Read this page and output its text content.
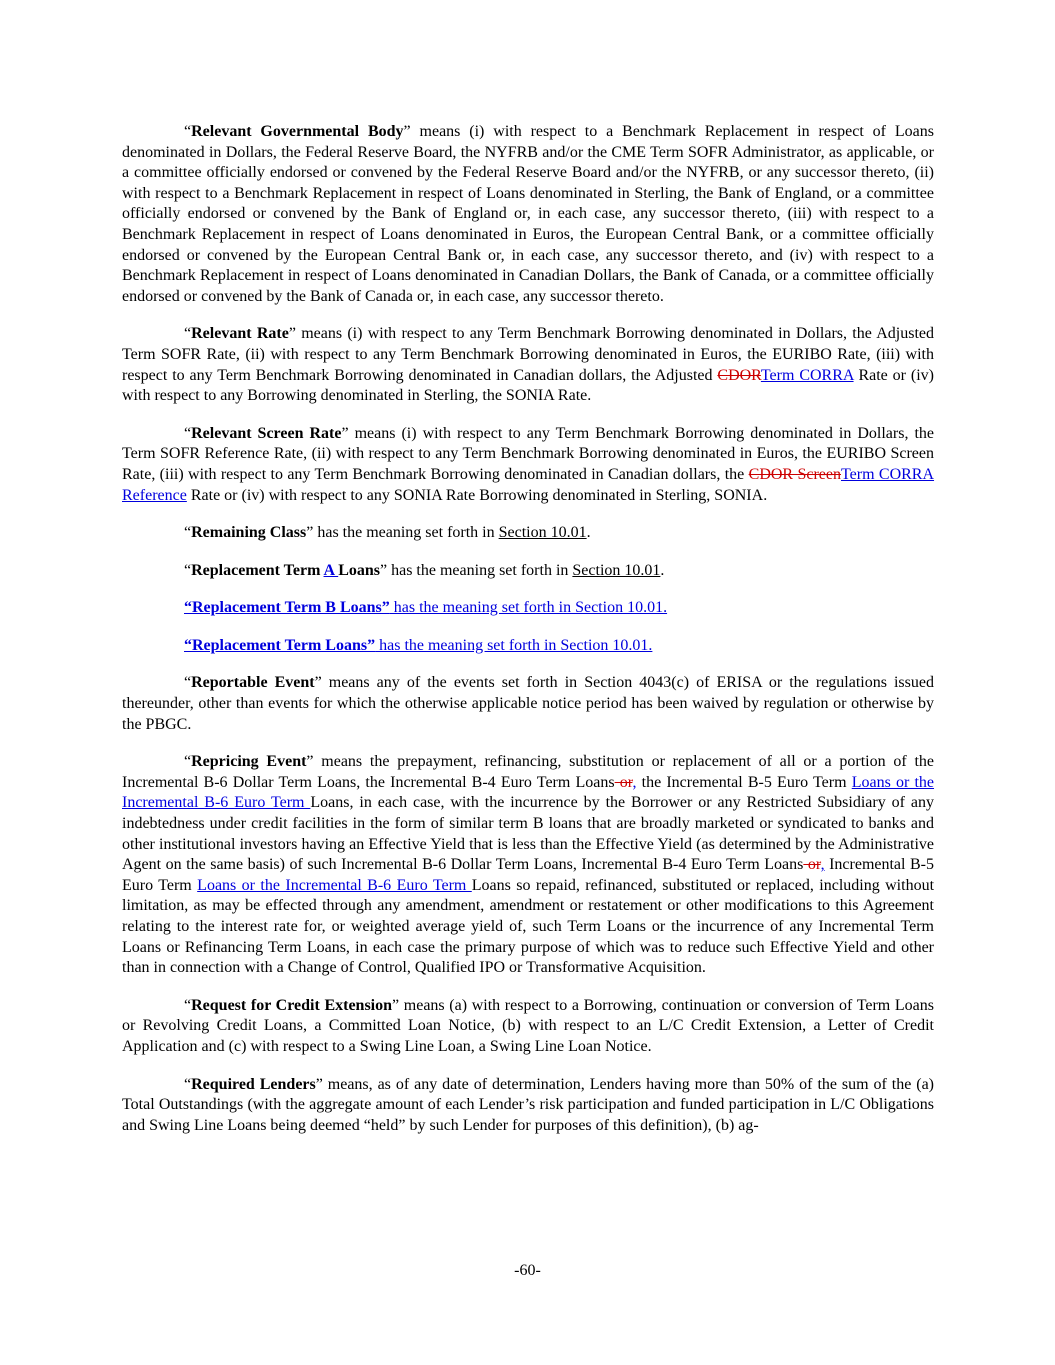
“Relevant Governmental Body” means (i) with respect to a Benchmark Replacement in respect of Loans denominated in Dollars, the Federal Reserve Board, the NYFRB and/or the CME Term SOFR Administrator, as applicable, or a committee officially endorsed or convened by the Federal Reserve Board and/or the NYFRB, or any successor thereto, (ii) with respect to a Benchmark Replacement in respect of Loans denominated in Sterling, the Bank of England, or a committee officially endorsed or convened by the Bank of England or, in each case, any successor thereto, (iii) with respect to a Benchmark Replacement in respect of Loans denominated in Euros, the European Central Bank, or a committee officially endorsed or convened by the European Central Bank or, in each case, any successor thereto, and (iv) with respect to a Benchmark Replacement in respect of Loans denominated in Canadian Dollars, the Bank of Canada, or a committee officially endorsed or convened by the Bank of Canada or, in each case, any successor thereto.

“Relevant Rate” means (i) with respect to any Term Benchmark Borrowing denominated in Dollars, the Adjusted Term SOFR Rate, (ii) with respect to any Term Benchmark Borrowing denominated in Euros, the EURIBO Rate, (iii) with respect to any Term Benchmark Borrowing denominated in Canadian dollars, the Adjusted CDORTerm CORRA Rate or (iv) with respect to any Borrowing denominated in Sterling, the SONIA Rate.

“Relevant Screen Rate” means (i) with respect to any Term Benchmark Borrowing denominated in Dollars, the Term SOFR Reference Rate, (ii) with respect to any Term Benchmark Borrowing denominated in Euros, the EURIBO Screen Rate, (iii) with respect to any Term Benchmark Borrowing denominated in Canadian dollars, the CDOR ScreenTerm CORRA Reference Rate or (iv) with respect to any SONIA Rate Borrowing denominated in Sterling, SONIA.

“Remaining Class” has the meaning set forth in Section 10.01.

“Replacement Term A Loans” has the meaning set forth in Section 10.01.

“Replacement Term B Loans” has the meaning set forth in Section 10.01.

“Replacement Term Loans” has the meaning set forth in Section 10.01.

“Reportable Event” means any of the events set forth in Section 4043(c) of ERISA or the regulations issued thereunder, other than events for which the otherwise applicable notice period has been waived by regulation or otherwise by the PBGC.

“Repricing Event” means the prepayment, refinancing, substitution or replacement of all or a portion of the Incremental B-6 Dollar Term Loans, the Incremental B-4 Euro Term Loans or, the Incremental B-5 Euro Term Loans or the Incremental B-6 Euro Term Loans, in each case, with the incurrence by the Borrower or any Restricted Subsidiary of any indebtedness under credit facilities in the form of similar term B loans that are broadly marketed or syndicated to banks and other institutional investors having an Effective Yield that is less than the Effective Yield (as determined by the Administrative Agent on the same basis) of such Incremental B-6 Dollar Term Loans, Incremental B-4 Euro Term Loans or, Incremental B-5 Euro Term Loans or the Incremental B-6 Euro Term Loans so repaid, refinanced, substituted or replaced, including without limitation, as may be effected through any amendment, amendment or restatement or other modifications to this Agreement relating to the interest rate for, or weighted average yield of, such Term Loans or the incurrence of any Incremental Term Loans or Refinancing Term Loans, in each case the primary purpose of which was to reduce such Effective Yield and other than in connection with a Change of Control, Qualified IPO or Transformative Acquisition.

“Request for Credit Extension” means (a) with respect to a Borrowing, continuation or conversion of Term Loans or Revolving Credit Loans, a Committed Loan Notice, (b) with respect to an L/C Credit Extension, a Letter of Credit Application and (c) with respect to a Swing Line Loan, a Swing Line Loan Notice.

“Required Lenders” means, as of any date of determination, Lenders having more than 50% of the sum of the (a) Total Outstandings (with the aggregate amount of each Lender’s risk participation and funded participation in L/C Obligations and Swing Line Loans being deemed “held” by such Lender for purposes of this definition), (b) ag-

-60-
